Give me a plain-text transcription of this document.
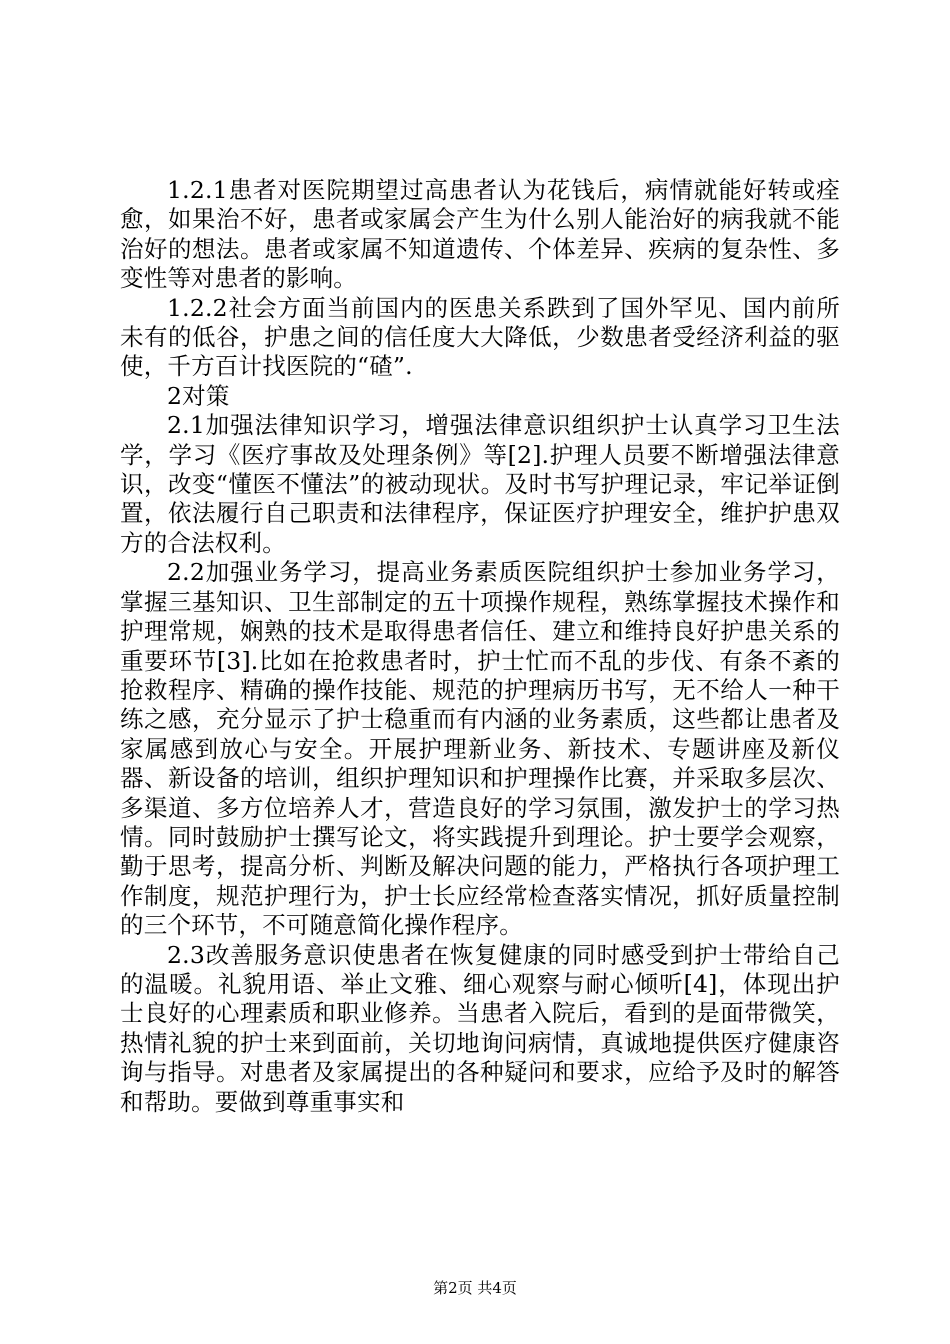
1.2.1患者对医院期望过高患者认为花钱后，病情就能好转或痊愈，如果治不好，患者或家属会产生为什么别人能治好的病我就不能治好的想法。患者或家属不知道遗传、个体差异、疾病的复杂性、多变性等对患者的影响。

1.2.2社会方面当前国内的医患关系跌到了国外罕见、国内前所未有的低谷，护患之间的信任度大大降低，少数患者受经济利益的驱使，千方百计找医院的“碴”.

2对策

2.1加强法律知识学习，增强法律意识组织护士认真学习卫生法学，学习《医疗事故及处理条例》等[2].护理人员要不断增强法律意识，改变“懂医不懂法”的被动现状。及时书写护理记录，牢记举证倒置，依法履行自己职责和法律程序，保证医疗护理安全，维护护患双方的合法权利。

2.2加强业务学习，提高业务素质医院组织护士参加业务学习，掌握三基知识、卫生部制定的五十项操作规程，熟练掌握技术操作和护理常规，娴熟的技术是取得患者信任、建立和维持良好护患关系的重要环节[3].比如在抢救患者时，护士忙而不乱的步伐、有条不紊的抢救程序、精确的操作技能、规范的护理病历书写，无不给人一种干练之感，充分显示了护士稳重而有内涵的业务素质，这些都让患者及家属感到放心与安全。开展护理新业务、新技术、专题讲座及新仪器、新设备的培训，组织护理知识和护理操作比赛，并采取多层次、多渠道、多方位培养人才，营造良好的学习氛围，激发护士的学习热情。同时鼓励护士撰写论文，将实践提升到理论。护士要学会观察，勤于思考，提高分析、判断及解决问题的能力，严格执行各项护理工作制度，规范护理行为，护士长应经常检查落实情况，抓好质量控制的三个环节，不可随意简化操作程序。

2.3改善服务意识使患者在恢复健康的同时感受到护士带给自己的温暖。礼貌用语、举止文雅、细心观察与耐心倾听[4]，体现出护士良好的心理素质和职业修养。当患者入院后，看到的是面带微笑，热情礼貌的护士来到面前，关切地询问病情，真诚地提供医疗健康咨询与指导。对患者及家属提出的各种疑问和要求，应给予及时的解答和帮助。要做到尊重事实和

第2页 共4页
